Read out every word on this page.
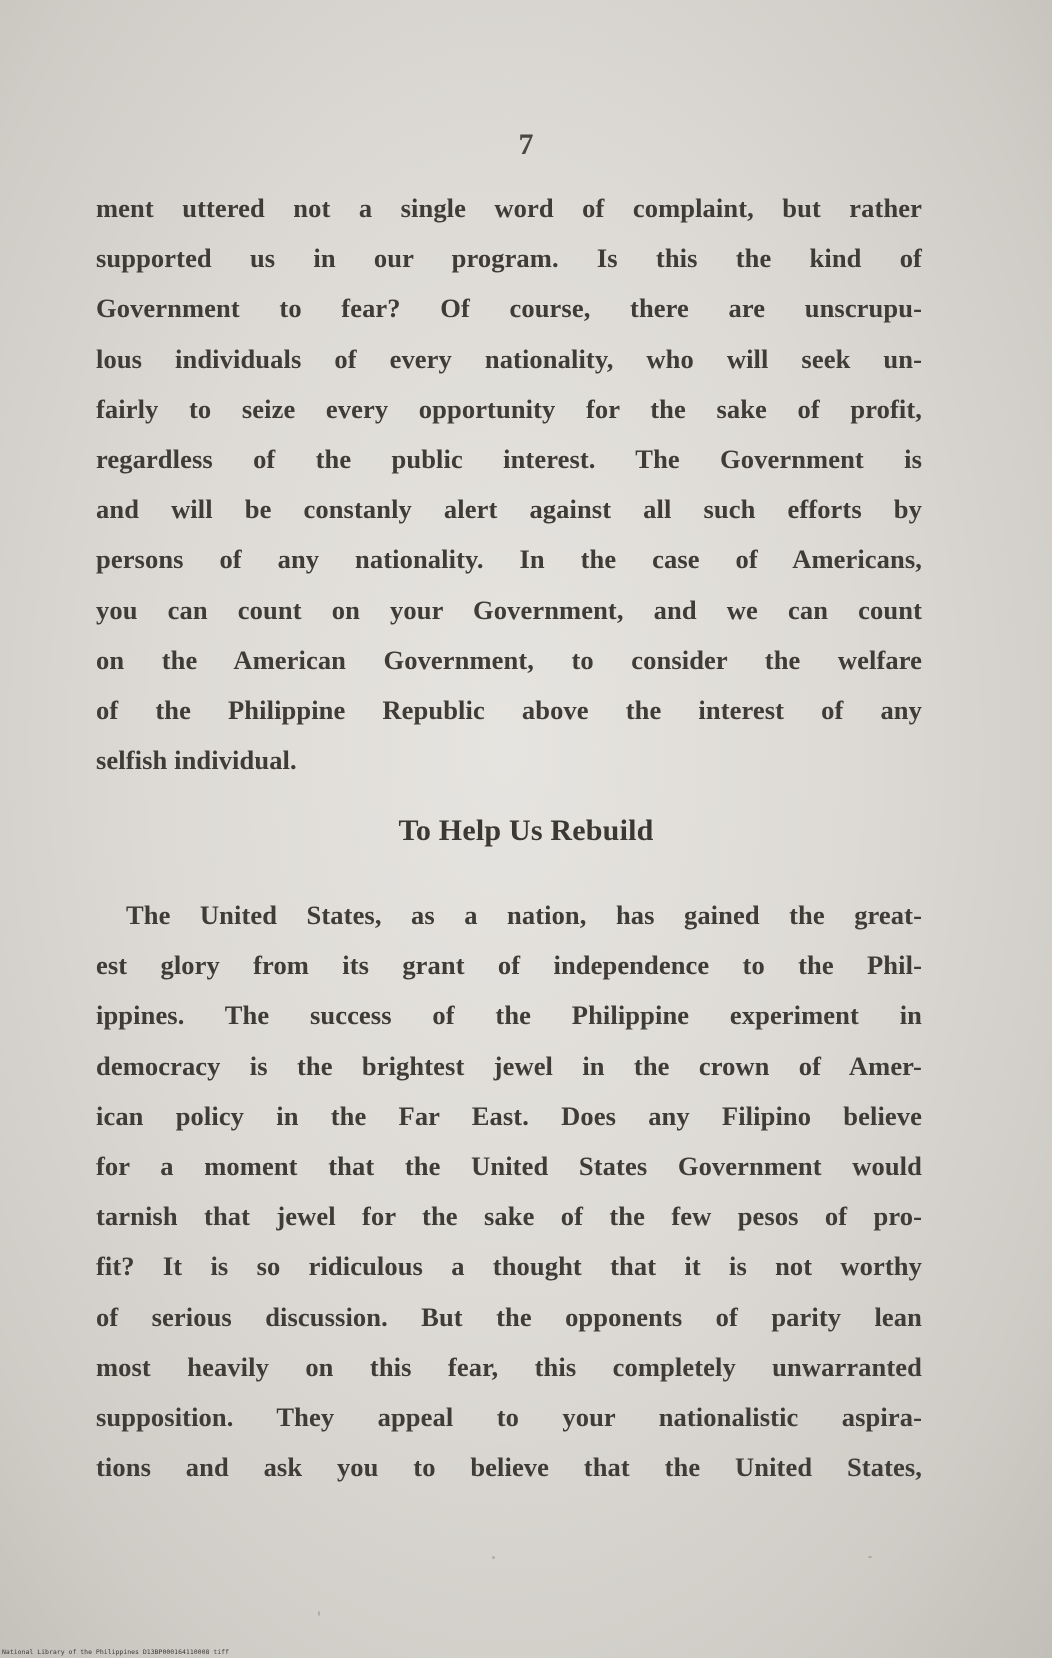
7

ment uttered not a single word of complaint, but rather
supported us in our program. Is this the kind of
Government to fear? Of course, there are unscrupu-
lous individuals of every nationality, who will seek un-
fairly to seize every opportunity for the sake of profit,
regardless of the public interest. The Government is
and will be constanly alert against all such efforts by
persons of any nationality. In the case of Americans,
you can count on your Government, and we can count
on the American Government, to consider the welfare
of the Philippine Republic above the interest of any
selfish individual.
To Help Us Rebuild
The United States, as a nation, has gained the great-
est glory from its grant of independence to the Phil-
ippines. The success of the Philippine experiment in
democracy is the brightest jewel in the crown of Amer-
ican policy in the Far East. Does any Filipino believe
for a moment that the United States Government would
tarnish that jewel for the sake of the few pesos of pro-
fit? It is so ridiculous a thought that it is not worthy
of serious discussion. But the opponents of parity lean
most heavily on this fear, this completely unwarranted
supposition. They appeal to your nationalistic aspira-
tions and ask you to believe that the United States,

National Library of the Philippines D13BP000164110008 tiff
